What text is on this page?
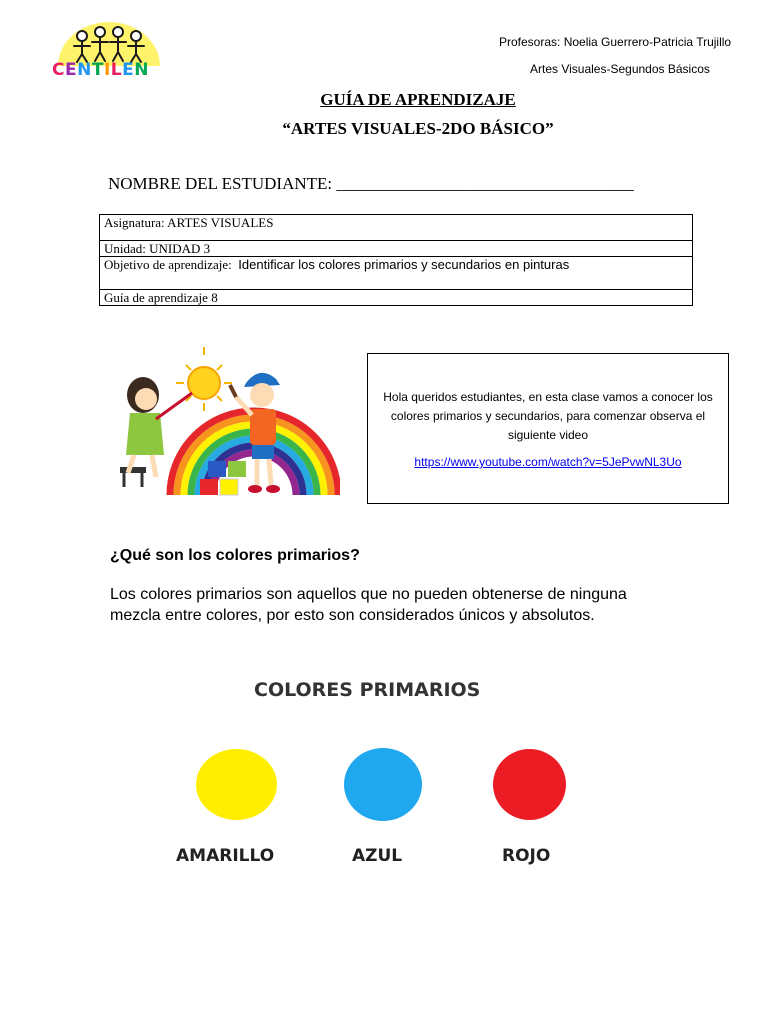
CENTILEN
Profesoras: Noelia Guerrero-Patricia Trujillo
Artes Visuales-Segundos Básicos
GUÍA DE APRENDIZAJE
“ARTES VISUALES-2DO BÁSICO”
NOMBRE DEL ESTUDIANTE: ___________________________________
Asignatura: ARTES VISUALES
Unidad: UNIDAD 3
Objetivo de aprendizaje: Identificar los colores primarios y secundarios en pinturas
Guía de aprendizaje 8
Hola queridos estudiantes, en esta clase vamos a conocer los colores primarios y secundarios, para comenzar observa el siguiente video
https://www.youtube.com/watch?v=5JePvwNL3Uo
¿Qué son los colores primarios?
Los colores primarios son aquellos que no pueden obtenerse de ninguna mezcla entre colores, por esto son considerados únicos y absolutos.
COLORES PRIMARIOS
AMARILLO	AZUL	ROJO
